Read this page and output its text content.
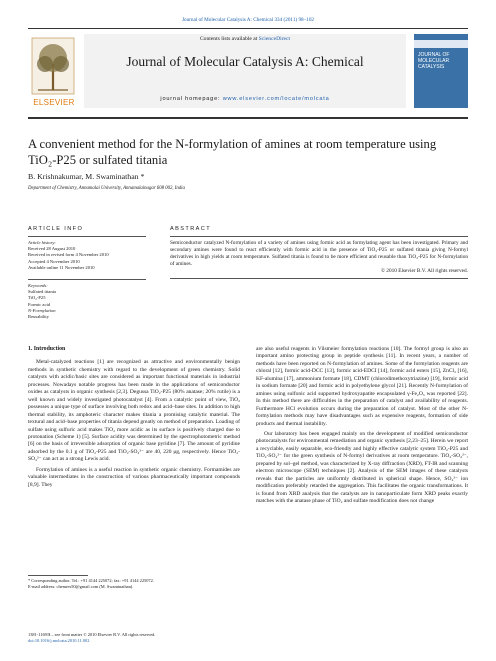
Journal of Molecular Catalysis A: Chemical 334 (2011) 98–102
ELSEVIER
Contents lists available at ScienceDirect
Journal of Molecular Catalysis A: Chemical
journal homepage: www.elsevier.com/locate/molcata
JOURNAL OF
MOLECULAR
CATALYSIS
A convenient method for the N-formylation of amines at room temperature using
TiO₂-P25 or sulfated titania
B. Krishnakumar, M. Swaminathan *
Department of Chemistry, Annamalai University, Annamalainagar 608 002, India
ARTICLE INFO
Article history:
Received 28 August 2010
Received in revised form 4 November 2010
Accepted 4 November 2010
Available online 11 November 2010
Keywords:
Sulfated titania
TiO₂-P25
Formic acid
N-Formylation
Reusability
ABSTRACT
Semiconductor catalyzed N-formylation of a variety of amines using formic acid as formylating agent has been investigated. Primary and secondary amines were found to react efficiently with formic acid in the presence of TiO₂-P25 or sulfated titania giving N-formyl derivatives in high yields at room temperature. Sulfated titania is found to be more efficient and reusable than TiO₂-P25 for N-formylation of amines.
© 2010 Elsevier B.V. All rights reserved.
1. Introduction

Metal-catalyzed reactions [1] are recognized as attractive and environmentally benign methods in synthetic chemistry with regard to the development of green chemistry. Solid catalysts with acidic/basic sites are considered as important functional materials in industrial processes. Nowadays notable progress has been made in the applications of semiconductor oxides as catalysts in organic synthesis [2,3]. Degussa TiO₂-P25 (80% anatase; 20% rutile) is a well known and widely investigated photocatalyst [4]. From a catalytic point of view, TiO₂ possesses a unique type of surface involving both redox and acid–base sites. In addition to high thermal stability, its amphoteric character makes titania a promising catalytic material. The textural and acid–base properties of titania depend greatly on method of preparation. Loading of sulfate using sulfuric acid makes TiO₂ more acidic as its surface is positively charged due to protonation (Scheme 1) [5]. Surface acidity was determined by the spectrophotometric method [6] on the basis of irreversible adsorption of organic base pyridine [7]. The amount of pyridine adsorbed by the 0.1 g of TiO₂-P25 and TiO₂-SO₄²⁻ are 40, 220 μg, respectively. Hence TiO₂-SO₄²⁻ can act as a strong Lewis acid.

Formylation of amines is a useful reaction in synthetic organic chemistry. Formamides are valuable intermediates in the construction of various pharmaceutically important compounds [8,9]. They

are also useful reagents in Vilsmeier formylation reactions [10]. The formyl group is also an important amino protecting group in peptide synthesis [11]. In recent years, a number of methods have been reported on N-formylation of amines. Some of the formylation reagents are chloral [12], formic acid-DCC [13], formic acid-EDCI [14], formic acid esters [15], ZnCl₂ [16], KF-alumina [17], ammonium formate [18], CDMT (chlorodimethoxytriazine) [19], formic acid in sodium formate [20] and formic acid in polyethylene glycol [21]. Recently N-formylation of amines using sulfonic acid supported hydroxyapatite encapsulated γ-Fe₂O₃ was reported [22]. In this method there are difficulties in the preparation of catalyst and availability of reagents. Furthermore HCl evolution occurs during the preparation of catalyst. Most of the other N-formylation methods may have disadvantages such as expensive reagents, formation of side products and thermal instability.

Our laboratory has been engaged mainly on the development of modified semiconductor photocatalysts for environmental remediation and organic synthesis [2,23–25]. Herein we report a recyclable, easily separable, eco-friendly and highly effective catalytic system TiO₂-P25 and TiO₂-SO₄²⁻ for the green synthesis of N-formyl derivatives at room temperature. TiO₂-SO₄²⁻, prepared by sol–gel method, was characterized by X-ray diffraction (XRD), FT-IR and scanning electron microscope (SEM) techniques [2]. Analysis of the SEM images of these catalysts reveals that the particles are uniformly distributed in spherical shape. Hence, SO₄²⁻ ion modification preferably retarded the aggregation. This facilitates the organic transformations. It is found from XRD analysis that the catalysts are in nanoparticulate form XRD peaks exactly matches with the anatase phase of TiO₂ and sulfate modification does not change

* Corresponding author. Tel.: +91 4144 225072; fax: +91 4144 225072.
E-mail address: chemres50@gmail.com (M. Swaminathan).
1381-1169/$ – see front matter © 2010 Elsevier B.V. All rights reserved.
doi:10.1016/j.molcata.2010.11.002
